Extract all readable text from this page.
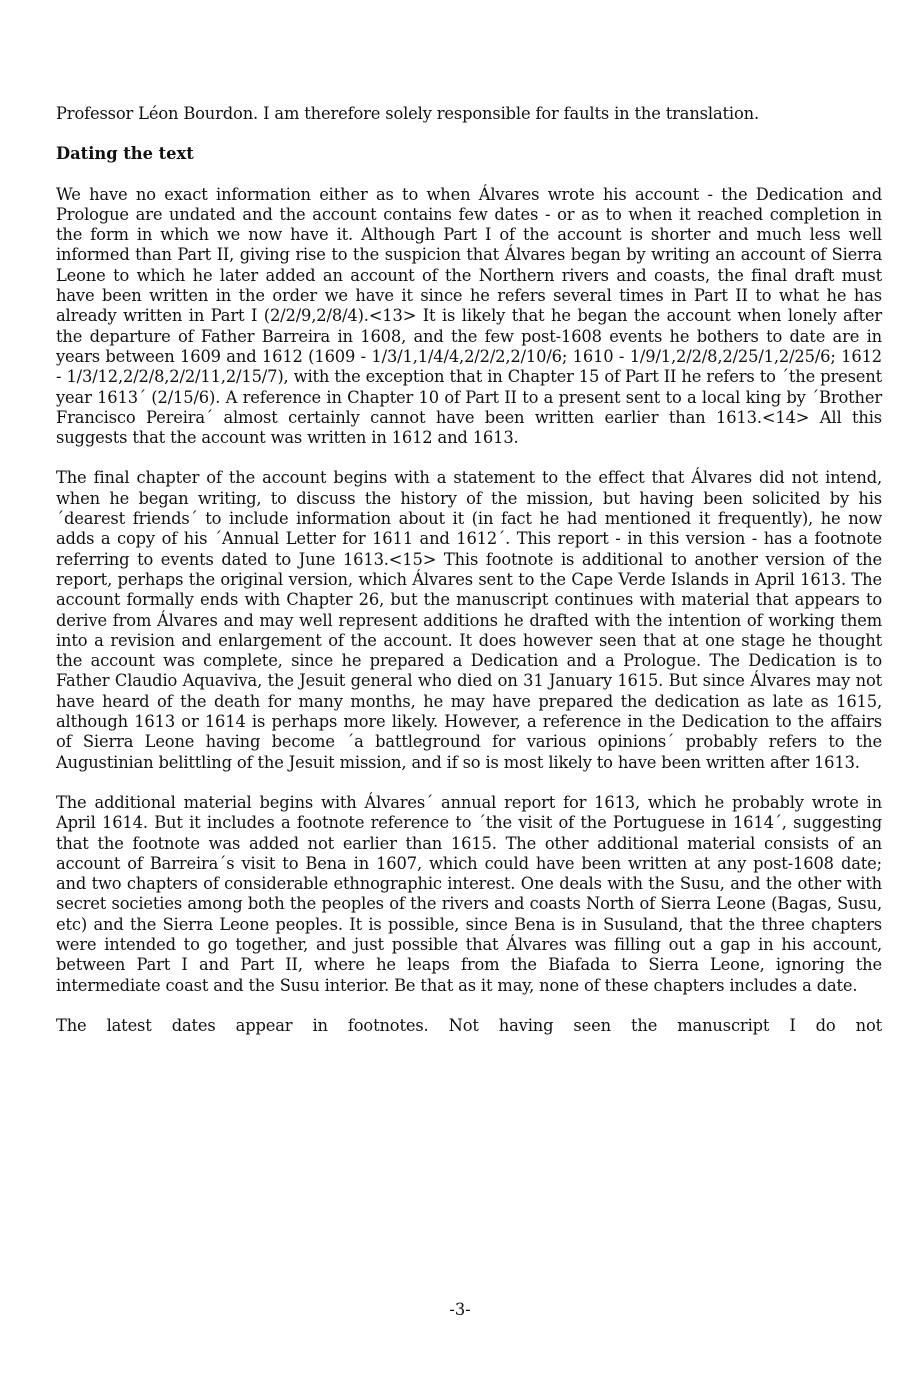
Professor Léon Bourdon. I am therefore solely responsible for faults in the translation.

Dating the text

We have no exact information either as to when Álvares wrote his account - the Dedication and Prologue are undated and the account contains few dates - or as to when it reached completion in the form in which we now have it. Although Part I of the account is shorter and much less well informed than Part II, giving rise to the suspicion that Álvares began by writing an account of Sierra Leone to which he later added an account of the Northern rivers and coasts, the final draft must have been written in the order we have it since he refers several times in Part II to what he has already written in Part I (2/2/9,2/8/4).<13> It is likely that he began the account when lonely after the departure of Father Barreira in 1608, and the few post-1608 events he bothers to date are in years between 1609 and 1612 (1609 - 1/3/1,1/4/4,2/2/2,2/10/6; 1610 - 1/9/1,2/2/8,2/25/1,2/25/6; 1612 - 1/3/12,2/2/8,2/2/11,2/15/7), with the exception that in Chapter 15 of Part II he refers to ´the present year 1613´ (2/15/6). A reference in Chapter 10 of Part II to a present sent to a local king by ´Brother Francisco Pereira´ almost certainly cannot have been written earlier than 1613.<14> All this suggests that the account was written in 1612 and 1613.

The final chapter of the account begins with a statement to the effect that Álvares did not intend, when he began writing, to discuss the history of the mission, but having been solicited by his ´dearest friends´ to include information about it (in fact he had mentioned it frequently), he now adds a copy of his ´Annual Letter for 1611 and 1612´. This report - in this version - has a footnote referring to events dated to June 1613.<15> This footnote is additional to another version of the report, perhaps the original version, which Álvares sent to the Cape Verde Islands in April 1613. The account formally ends with Chapter 26, but the manuscript continues with material that appears to derive from Álvares and may well represent additions he drafted with the intention of working them into a revision and enlargement of the account. It does however seen that at one stage he thought the account was complete, since he prepared a Dedication and a Prologue. The Dedication is to Father Claudio Aquaviva, the Jesuit general who died on 31 January 1615. But since Álvares may not have heard of the death for many months, he may have prepared the dedication as late as 1615, although 1613 or 1614 is perhaps more likely. However, a reference in the Dedication to the affairs of Sierra Leone having become ´a battleground for various opinions´ probably refers to the Augustinian belittling of the Jesuit mission, and if so is most likely to have been written after 1613.

The additional material begins with Álvares´ annual report for 1613, which he probably wrote in April 1614. But it includes a footnote reference to ´the visit of the Portuguese in 1614´, suggesting that the footnote was added not earlier than 1615. The other additional material consists of an account of Barreira´s visit to Bena in 1607, which could have been written at any post-1608 date; and two chapters of considerable ethnographic interest. One deals with the Susu, and the other with secret societies among both the peoples of the rivers and coasts North of Sierra Leone (Bagas, Susu, etc) and the Sierra Leone peoples. It is possible, since Bena is in Susuland, that the three chapters were intended to go together, and just possible that Álvares was filling out a gap in his account, between Part I and Part II, where he leaps from the Biafada to Sierra Leone, ignoring the intermediate coast and the Susu interior. Be that as it may, none of these chapters includes a date.

The latest dates appear in footnotes. Not having seen the manuscript I do not

-3-
